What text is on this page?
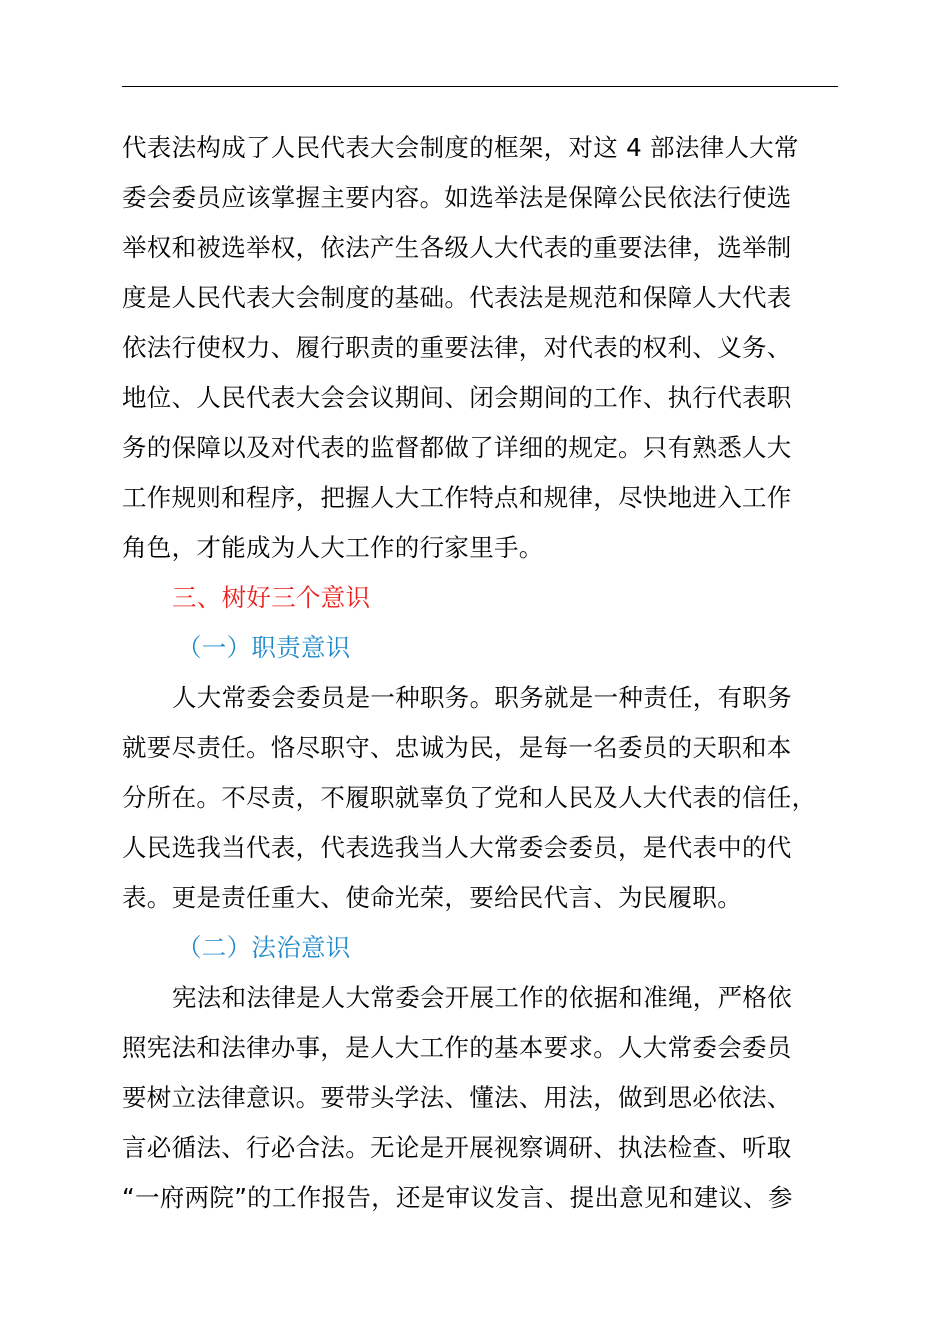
代表法构成了人民代表大会制度的框架，对这 4 部法律人大常
委会委员应该掌握主要内容。如选举法是保障公民依法行使选
举权和被选举权，依法产生各级人大代表的重要法律，选举制
度是人民代表大会制度的基础。代表法是规范和保障人大代表
依法行使权力、履行职责的重要法律，对代表的权利、义务、
地位、人民代表大会会议期间、闭会期间的工作、执行代表职
务的保障以及对代表的监督都做了详细的规定。只有熟悉人大
工作规则和程序，把握人大工作特点和规律，尽快地进入工作
角色，才能成为人大工作的行家里手。
三、树好三个意识
（一）职责意识
人大常委会委员是一种职务。职务就是一种责任，有职务
就要尽责任。恪尽职守、忠诚为民，是每一名委员的天职和本
分所在。不尽责，不履职就辜负了党和人民及人大代表的信任，
人民选我当代表，代表选我当人大常委会委员，是代表中的代
表。更是责任重大、使命光荣，要给民代言、为民履职。
（二）法治意识
宪法和法律是人大常委会开展工作的依据和准绳，严格依
照宪法和法律办事，是人大工作的基本要求。人大常委会委员
要树立法律意识。要带头学法、懂法、用法，做到思必依法、
言必循法、行必合法。无论是开展视察调研、执法检查、听取
“一府两院”的工作报告，还是审议发言、提出意见和建议、参
